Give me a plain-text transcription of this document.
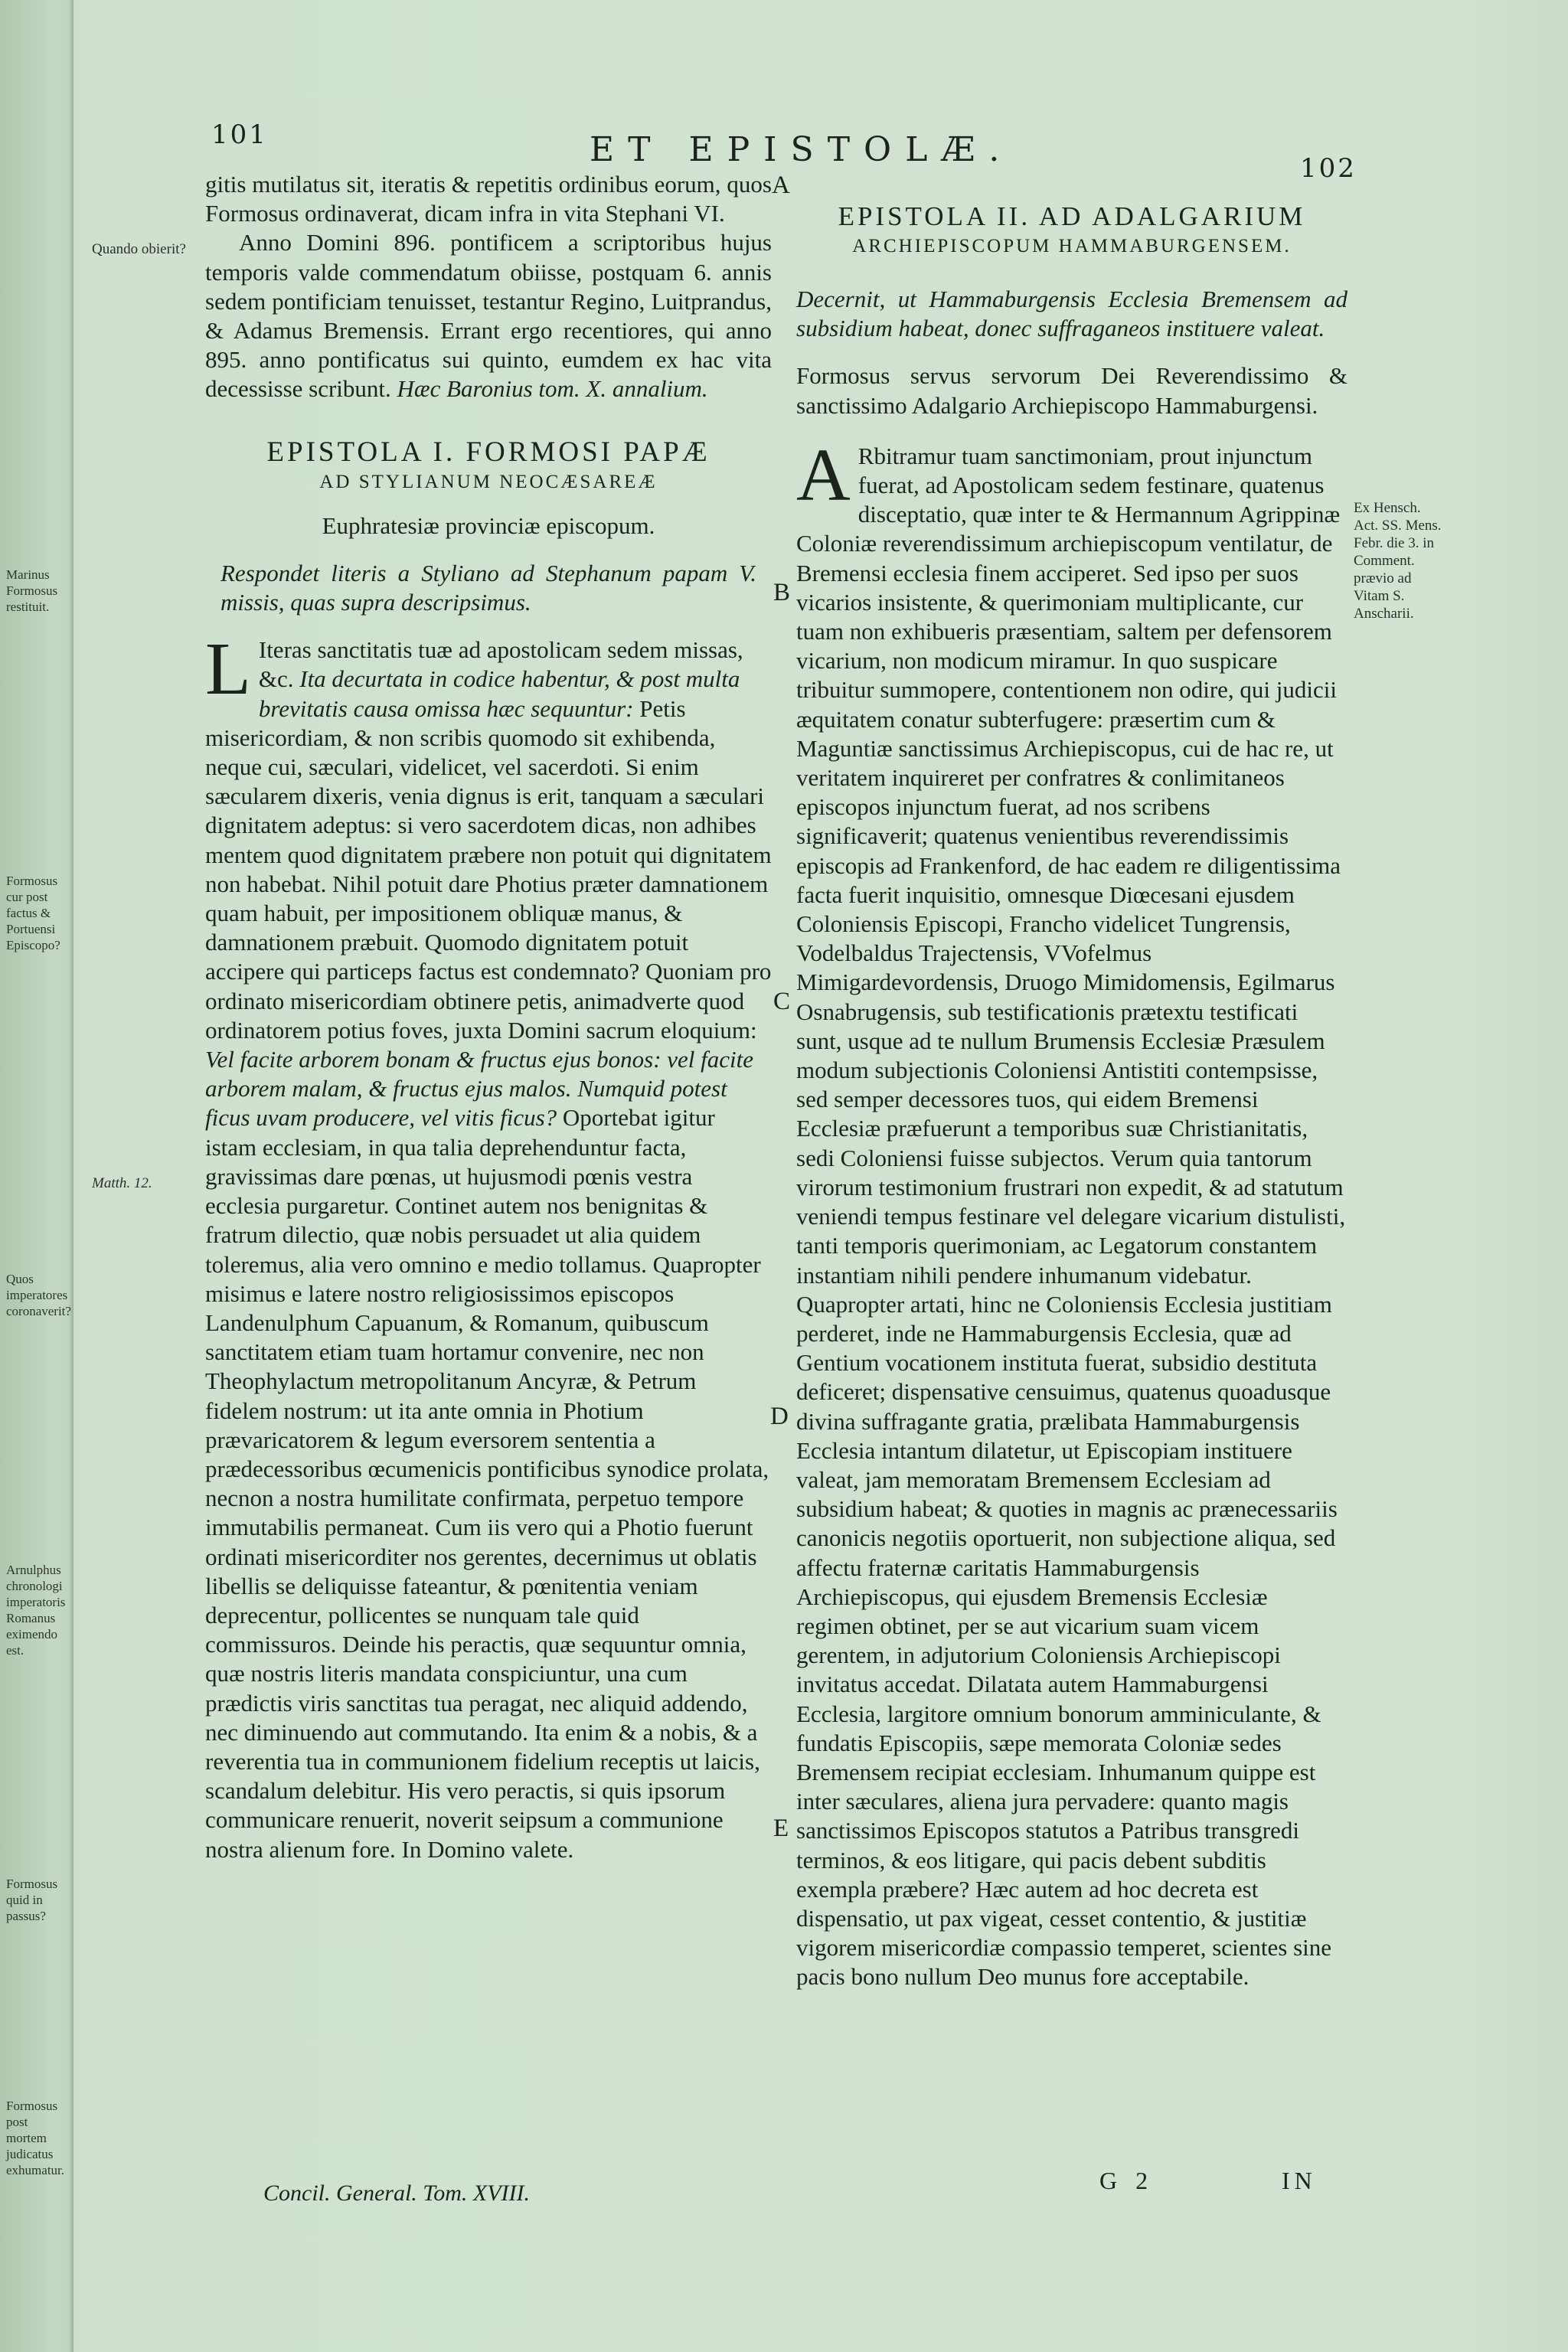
Marinus Formosus restituit.
Formosus cur post factus & Portuensi Episcopo?
Quos imperatores coronaverit?
Arnulphus chronologi imperatoris Romanus eximendo est.
Formosus quid in passus?
Formosus post mortem judicatus exhumatur.
101	ET EPISTOLÆ.	102

gitis mutilatus sit, iteratis & repetitis ordinibus eorum, quos Formosus ordinaverat, dicam infra in vita Stephani VI.

Anno Domini 896. pontificem a scriptoribus hujus temporis valde commendatum obiisse, postquam 6. annis sedem pontificiam tenuisset, testantur Regino, Luitprandus, & Adamus Bremensis. Errant ergo recentiores, qui anno 895. anno pontificatus sui quinto, eumdem ex hac vita decessisse scribunt. Hæc Baronius tom. X. annalium.

EPISTOLA I. FORMOSI PAPÆ

AD STYLIANUM NEOCÆSAREÆ

Euphratesiæ provinciæ episcopum.

Respondet literis a Styliano ad Stephanum papam V. missis, quas supra descripsimus.

L Iteras sanctitatis tuæ ad apostolicam sedem missas, &c. Ita decurtata in codice habentur, & post multa brevitatis causa omissa hæc sequuntur: Petis misericordiam, & non scribis quomodo sit exhibenda, neque cui, sæculari, videlicet, vel sacerdoti. Si enim sæcularem dixeris, venia dignus is erit, tanquam a sæculari dignitatem adeptus: si vero sacerdotem dicas, non adhibes mentem quod dignitatem præbere non potuit qui dignitatem non habebat. Nihil potuit dare Photius præter damnationem quam habuit, per impositionem obliquæ manus, & damnationem præbuit. Quomodo dignitatem potuit accipere qui particeps factus est condemnato? Quoniam pro ordinato misericordiam obtinere petis, animadverte quod ordinatorem potius foves, juxta Domini sacrum eloquium: Vel facite arborem bonam & fructus ejus bonos: vel facite arborem malam, & fructus ejus malos. Numquid potest ficus uvam producere, vel vitis ficus? Oportebat igitur istam ecclesiam, in qua talia deprehenduntur facta, gravissimas dare pœnas, ut hujusmodi pœnis vestra ecclesia purgaretur. Continet autem nos benignitas & fratrum dilectio, quæ nobis persuadet ut alia quidem toleremus, alia vero omnino e medio tollamus. Quapropter misimus e latere nostro religiosissimos episcopos Landenulphum Capuanum, & Romanum, quibuscum sanctitatem etiam tuam hortamur convenire, nec non Theophylactum metropolitanum Ancyræ, & Petrum fidelem nostrum: ut ita ante omnia in Photium prævaricatorem & legum eversorem sententia a prædecessoribus œcumenicis pontificibus synodice prolata, necnon a nostra humilitate confirmata, perpetuo tempore immutabilis permaneat. Cum iis vero qui a Photio fuerunt ordinati misericorditer nos gerentes, decernimus ut oblatis libellis se deliquisse fateantur, & pœnitentia veniam deprecentur, pollicentes se nunquam tale quid commissuros. Deinde his peractis, quæ sequuntur omnia, quæ nostris literis mandata conspiciuntur, una cum prædictis viris sanctitas tua peragat, nec aliquid addendo, nec diminuendo aut commutando. Ita enim & a nobis, & a reverentia tua in communionem fidelium receptis ut laicis, scandalum delebitur. His vero peractis, si quis ipsorum communicare renuerit, noverit seipsum a communione nostra alienum fore. In Domino valete.

Quando obierit?
Matth. 12.

EPISTOLA II. AD ADALGARIUM

ARCHIEPISCOPUM HAMMABURGENSEM.

Decernit, ut Hammaburgensis Ecclesia Bremensem ad subsidium habeat, donec suffraganeos instituere valeat.

Formosus servus servorum Dei Reverendissimo & sanctissimo Adalgario Archiepiscopo Hammaburgensi.

A Rbitramur tuam sanctimoniam, prout injunctum fuerat, ad Apostolicam sedem festinare, quatenus disceptatio, quæ inter te & Hermannum Agrippinæ Coloniæ reverendissimum archiepiscopum ventilatur, de Bremensi ecclesia finem acciperet. Sed ipso per suos vicarios insistente, & querimoniam multiplicante, cur tuam non exhibueris præsentiam, saltem per defensorem vicarium, non modicum miramur. In quo suspicare tribuitur summopere, contentionem non odire, qui judicii æquitatem conatur subterfugere: præsertim cum & Maguntiæ sanctissimus Archiepiscopus, cui de hac re, ut veritatem inquireret per confratres & conlimitaneos episcopos injunctum fuerat, ad nos scribens significaverit; quatenus venientibus reverendissimis episcopis ad Frankenford, de hac eadem re diligentissima facta fuerit inquisitio, omnesque Diœcesani ejusdem Coloniensis Episcopi, Francho videlicet Tungrensis, Vodelbaldus Trajectensis, VVofelmus Mimigardevordensis, Druogo Mimidomensis, Egilmarus Osnabrugensis, sub testificationis prætextu testificati sunt, usque ad te nullum Brumensis Ecclesiæ Præsulem modum subjectionis Coloniensi Antistiti contempsisse, sed semper decessores tuos, qui eidem Bremensi Ecclesiæ præfuerunt a temporibus suæ Christianitatis, sedi Coloniensi fuisse subjectos. Verum quia tantorum virorum testimonium frustrari non expedit, & ad statutum veniendi tempus festinare vel delegare vicarium distulisti, tanti temporis querimoniam, ac Legatorum constantem instantiam nihili pendere inhumanum videbatur. Quapropter artati, hinc ne Coloniensis Ecclesia justitiam perderet, inde ne Hammaburgensis Ecclesia, quæ ad Gentium vocationem instituta fuerat, subsidio destituta deficeret; dispensative censuimus, quatenus quoadusque divina suffragante gratia, prælibata Hammaburgensis Ecclesia intantum dilatetur, ut Episcopiam instituere valeat, jam memoratam Bremensem Ecclesiam ad subsidium habeat; & quoties in magnis ac prænecessariis canonicis negotiis oportuerit, non subjectione aliqua, sed affectu fraternæ caritatis Hammaburgensis Archiepiscopus, qui ejusdem Bremensis Ecclesiæ regimen obtinet, per se aut vicarium suam vicem gerentem, in adjutorium Coloniensis Archiepiscopi invitatus accedat. Dilatata autem Hammaburgensi Ecclesia, largitore omnium bonorum amminiculante, & fundatis Episcopiis, sæpe memorata Coloniæ sedes Bremensem recipiat ecclesiam. Inhumanum quippe est inter sæculares, aliena jura pervadere: quanto magis sanctissimos Episcopos statutos a Patribus transgredi terminos, & eos litigare, qui pacis debent subditis exempla præbere? Hæc autem ad hoc decreta est dispensatio, ut pax vigeat, cesset contentio, & justitiæ vigorem misericordiæ compassio temperet, scientes sine pacis bono nullum Deo munus fore acceptabile.

Ex Hensch. Act. SS. Mens. Febr. die 3. in Comment. prævio ad Vitam S. Anscharii.
A
B
C
D
E
Concil. General. Tom. XVIII.	G 2	IN
